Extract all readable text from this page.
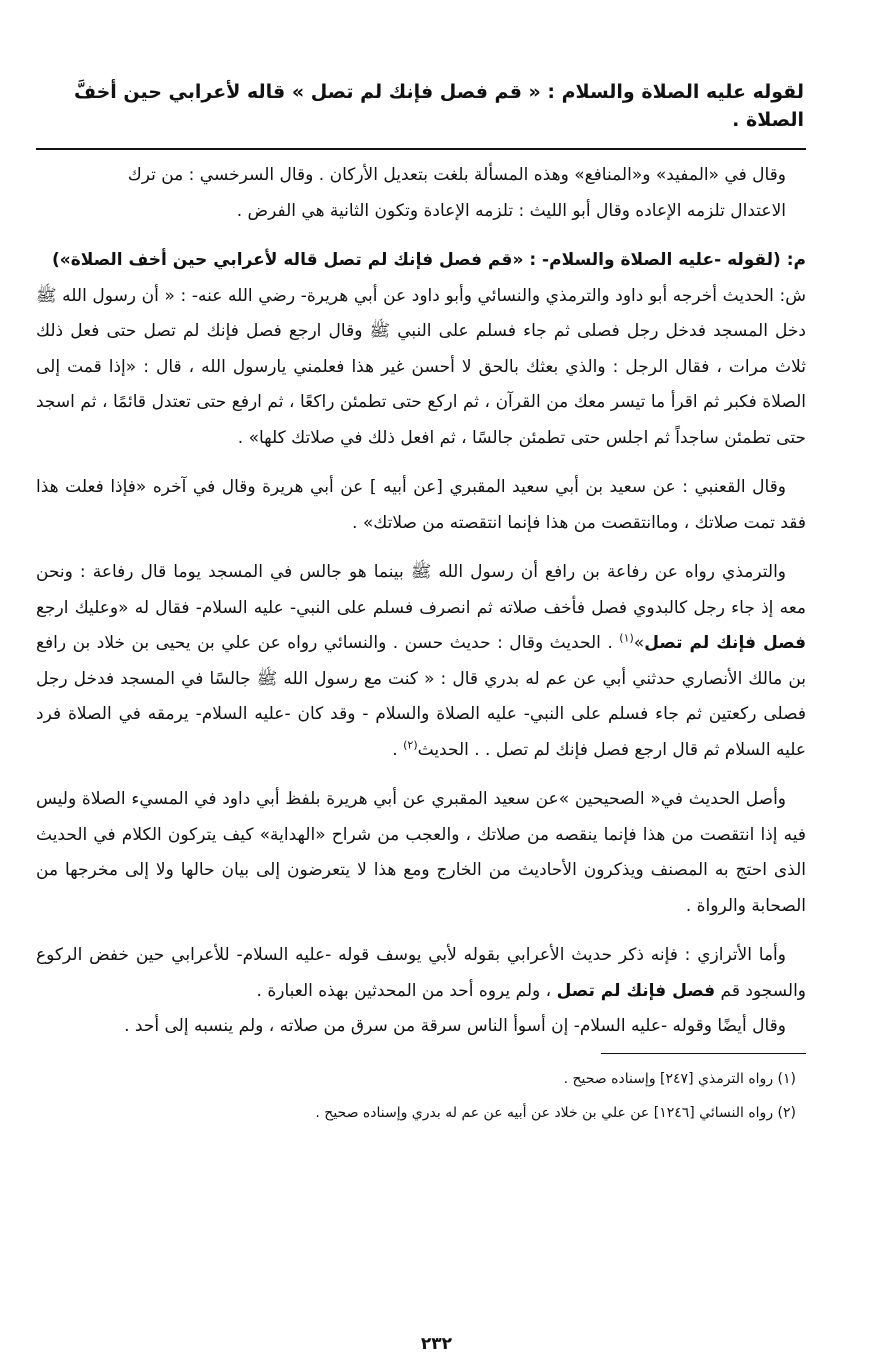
لقوله عليه الصلاة والسلام : « قم فصل فإنك لم تصل » قاله لأعرابي حين أخفَّ الصلاة .

وقال في «المفيد» و«المنافع» وهذه المسألة بلغت بتعديل الأركان . وقال السرخسي : من ترك

الاعتدال تلزمه الإعاده وقال أبو الليث : تلزمه الإعادة وتكون الثانية هي الفرض .

م: (لقوله -عليه الصلاة والسلام- : «قم فصل فإنك لم تصل قاله لأعرابي حين أخف الصلاة»)
ش: الحديث أخرجه أبو داود والترمذي والنسائي وأبو داود عن أبي هريرة- رضي الله عنه- : « أن رسول الله ﷺ دخل المسجد فدخل رجل فصلى ثم جاء فسلم على النبي ﷺ وقال ارجع فصل فإنك لم تصل حتى فعل ذلك ثلاث مرات ، فقال الرجل : والذي بعثك بالحق لا أحسن غير هذا فعلمني يارسول الله ، قال : «إذا قمت إلى الصلاة فكبر ثم اقرأ ما تيسر معك من القرآن ، ثم اركع حتى تطمئن راكعًا ، ثم ارفع حتى تعتدل قائمًا ، ثم اسجد حتى تطمئن ساجداً ثم اجلس حتى تطمئن جالسًا ، ثم افعل ذلك في صلاتك كلها» .
وقال القعنبي : عن سعيد بن أبي سعيد المقبري [عن أبيه ] عن أبي هريرة وقال في آخره «فإذا فعلت هذا فقد تمت صلاتك ، وماانتقصت من هذا فإنما انتقصته من صلاتك» .
والترمذي رواه عن رفاعة بن رافع أن رسول الله ﷺ بينما هو جالس في المسجد يوما قال رفاعة : ونحن معه إذ جاء رجل كالبدوي فصل فأخف صلاته ثم انصرف فسلم على النبي- عليه السلام- فقال له «وعليك ارجع فصل فإنك لم تصل»$^{(١)}$ . الحديث وقال : حديث حسن . والنسائي رواه عن علي بن يحيى بن خلاد بن رافع بن مالك الأنصاري حدثني أبي عن عم له بدري قال : « كنت مع رسول الله ﷺ جالسًا في المسجد فدخل رجل فصلى ركعتين ثم جاء فسلم على النبي- عليه الصلاة والسلام - وقد كان -عليه السلام- يرمقه في الصلاة فرد عليه السلام ثم قال ارجع فصل فإنك لم تصل . . الحديث$^{(٢)}$ .
وأصل الحديث في« الصحيحين »عن سعيد المقبري عن أبي هريرة بلفظ أبي داود في المسيء الصلاة وليس فيه إذا انتقصت من هذا فإنما ينقصه من صلاتك ، والعجب من شراح «الهداية» كيف يتركون الكلام في الحديث الذى احتج به المصنف ويذكرون الأحاديث من الخارج ومع هذا لا يتعرضون إلى بيان حالها ولا إلى مخرجها من الصحابة والرواة .
وأما الأترازي : فإنه ذكر حديث الأعرابي بقوله لأبي يوسف قوله -عليه السلام- للأعرابي حين خفض الركوع والسجود قم فصل فإنك لم تصل ، ولم يروه أحد من المحدثين بهذه العبارة .

وقال أيضًا وقوله -عليه السلام- إن أسوأ الناس سرقة من سرق من صلاته ، ولم ينسبه إلى أحد .

(١) رواه الترمذي [٢٤٧] وإسناده صحيح .
(٢) رواه النسائي [١٢٤٦] عن علي بن خلاد عن أبيه عن عم له بدري وإسناده صحيح .
٢٣٢
